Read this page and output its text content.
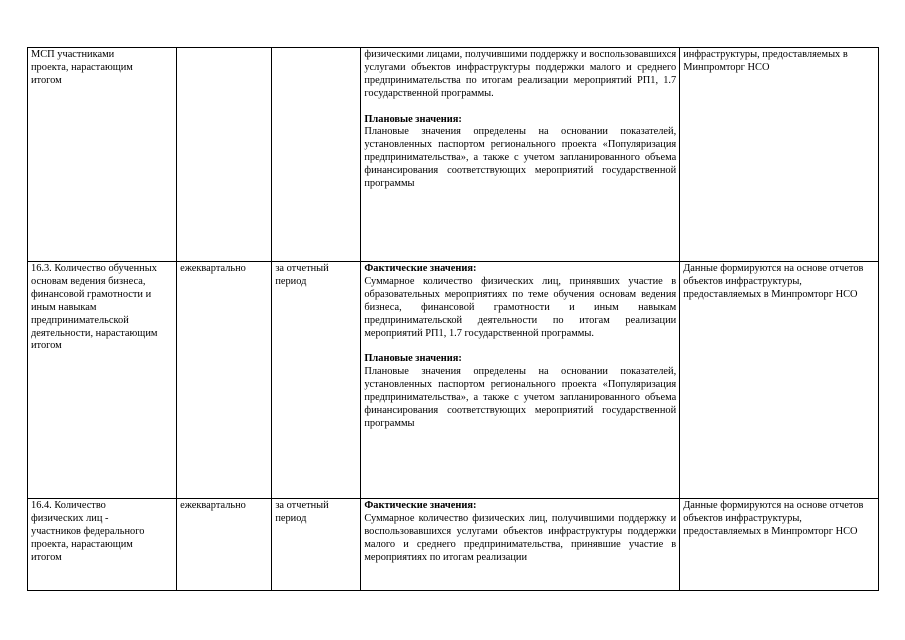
МСП участниками проекта, нарастающим итогом			физическими лицами, получившими поддержку и воспользовавшихся услугами объектов инфраструктуры поддержки малого и среднего предпринимательства по итогам реализации мероприятий РП1, 1.7 государственной программы.
Плановые значения:
Плановые значения определены на основании показателей, установленных паспортом регионального проекта «Популяризация предпринимательства», а также с учетом запланированного объема финансирования соответствующих мероприятий государственной программы	инфраструктуры, предоставляемых в Минпромторг НСО

16.3. Количество обученных основам ведения бизнеса, финансовой грамотности и иным навыкам предпринимательской деятельности, нарастающим итогом	ежеквартально	за отчетный период	Фактические значения:
Суммарное количество физических лиц, принявших участие в образовательных мероприятиях по теме обучения основам ведения бизнеса, финансовой грамотности и иным навыкам предпринимательской деятельности по итогам реализации мероприятий РП1, 1.7 государственной программы.
Плановые значения:
Плановые значения определены на основании показателей, установленных паспортом регионального проекта «Популяризация предпринимательства», а также с учетом запланированного объема финансирования соответствующих мероприятий государственной программы	Данные формируются на основе отчетов объектов инфраструктуры, предоставляемых в Минпромторг НСО

16.4. Количество физических лиц - участников федерального проекта, нарастающим итогом	ежеквартально	за отчетный период	Фактические значения:
Суммарное количество физических лиц, получившими поддержку и воспользовавшихся услугами объектов инфраструктуры поддержки малого и среднего предпринимательства, принявшие участие в мероприятиях по итогам реализации	Данные формируются на основе отчетов объектов инфраструктуры, предоставляемых в Минпромторг НСО
